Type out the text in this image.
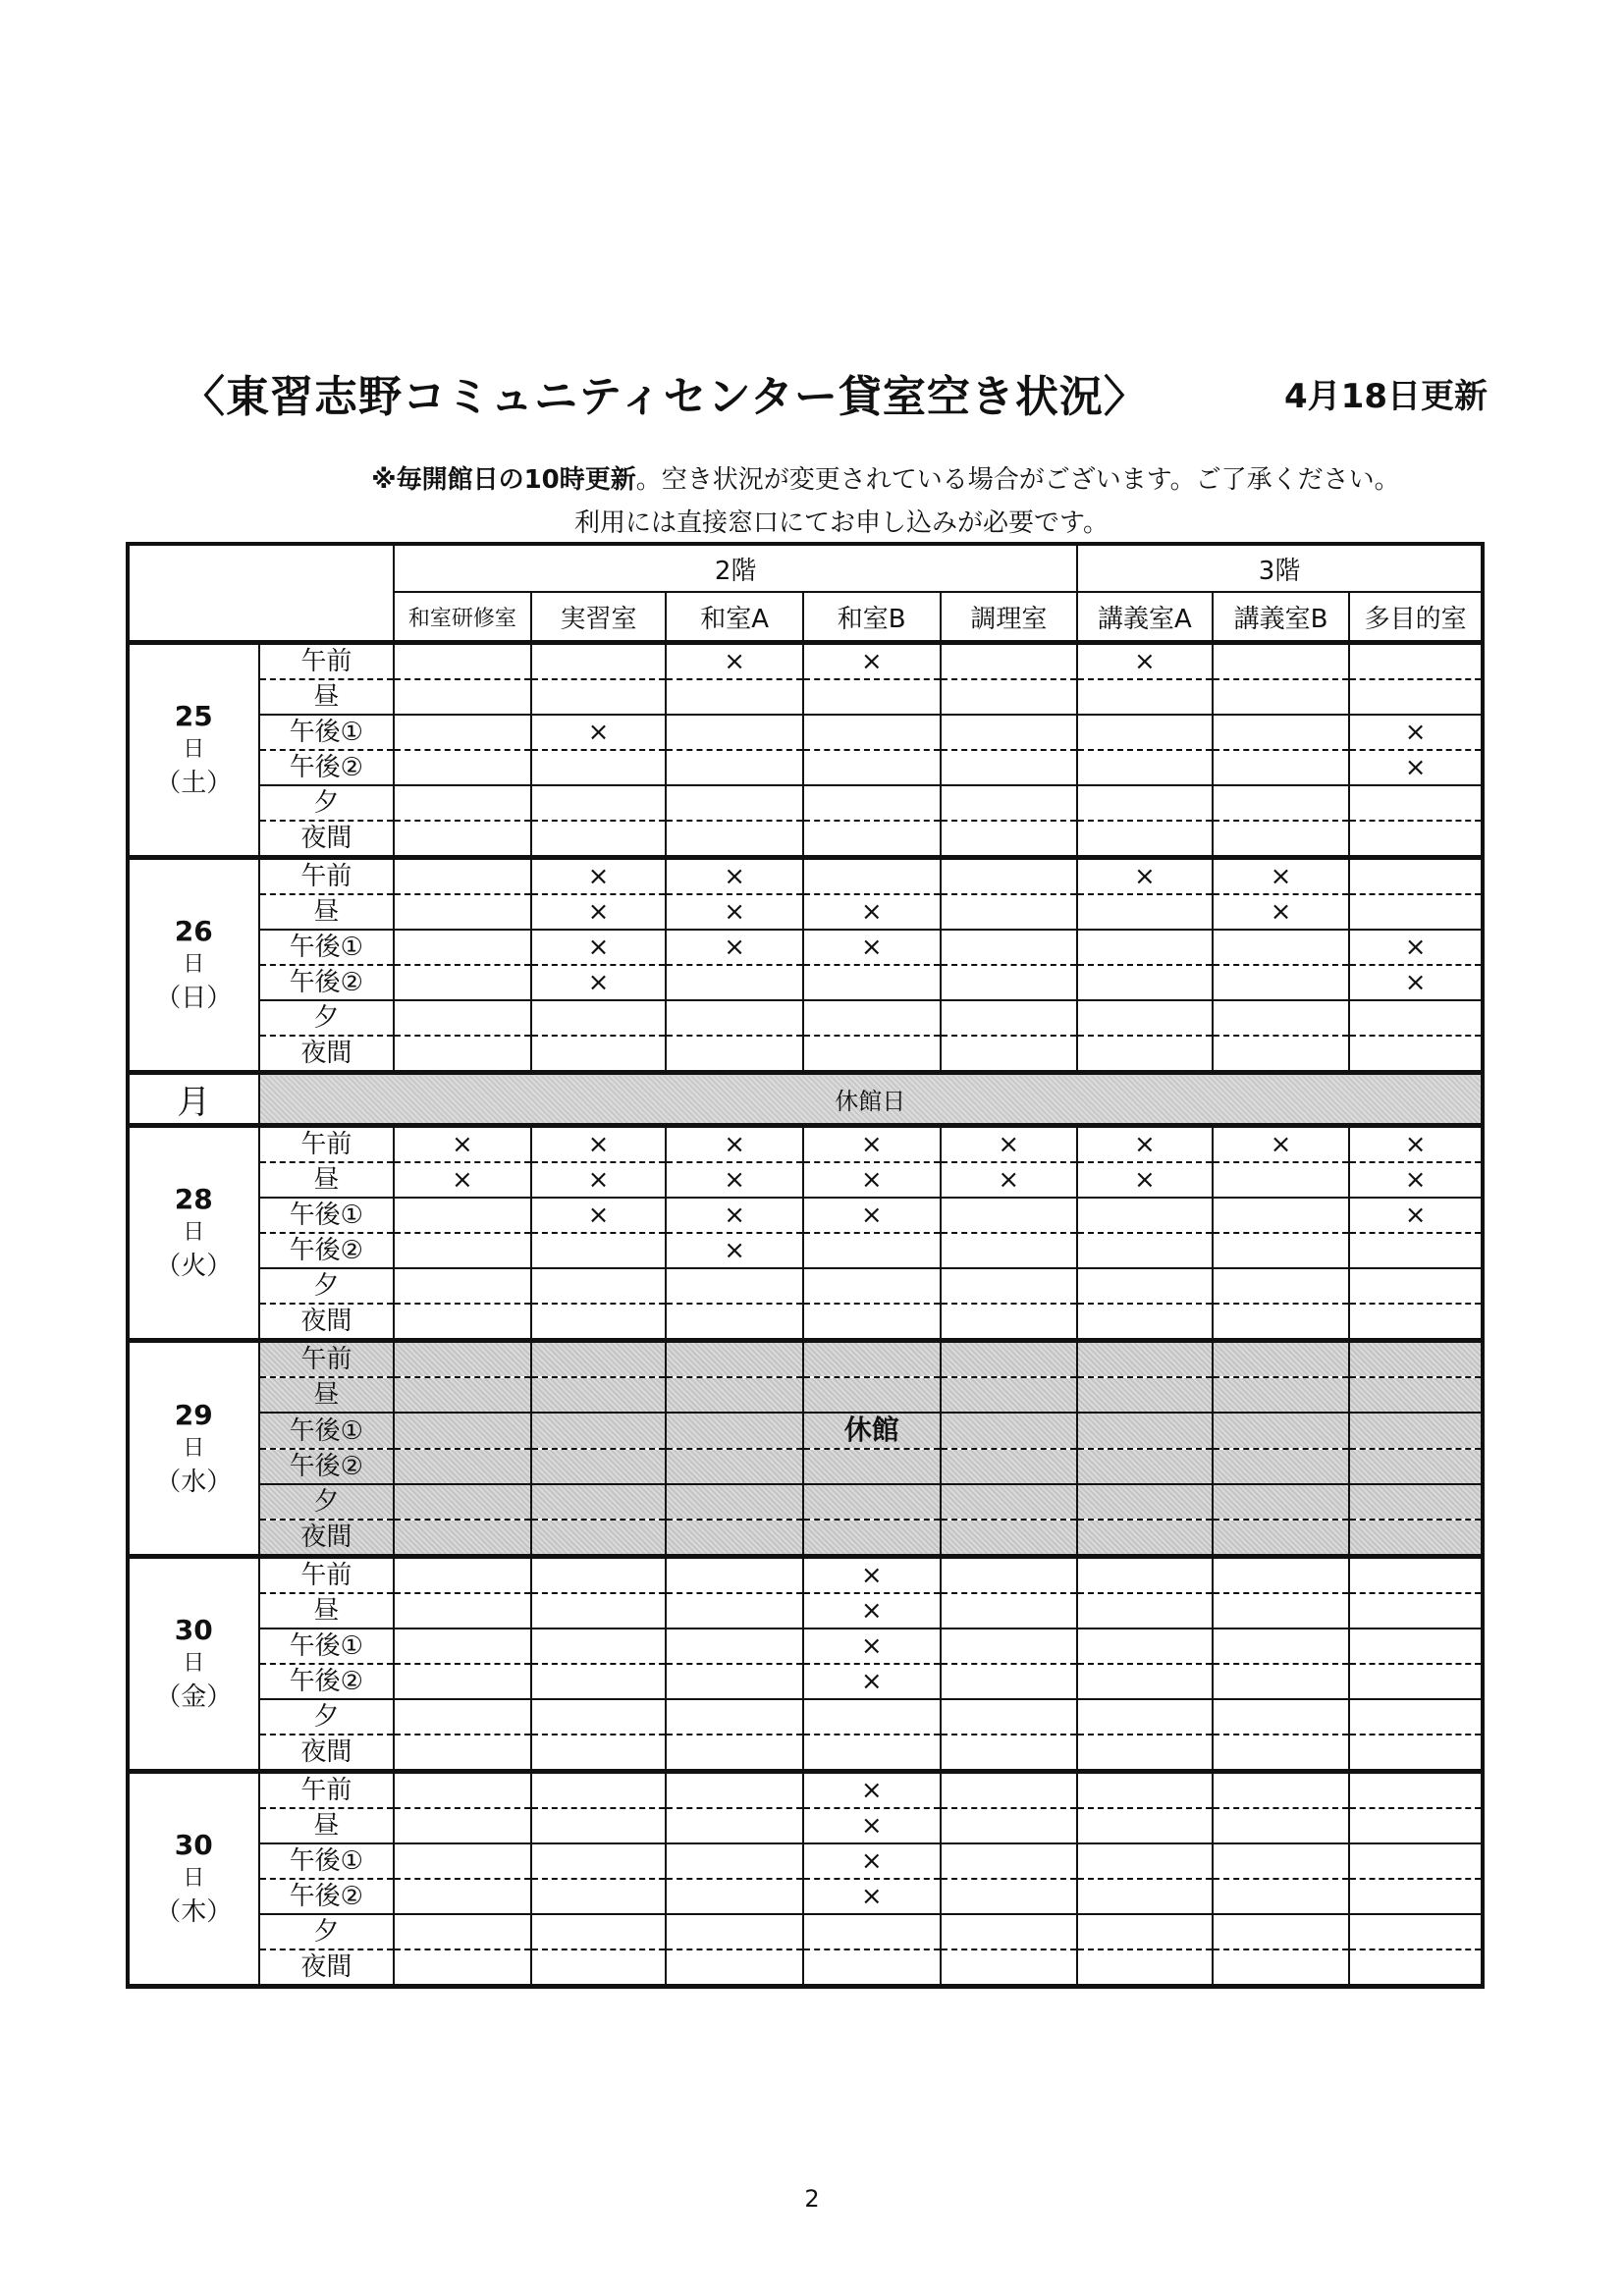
〈東習志野コミュニティセンター貸室空き状況〉	4月18日更新
※毎開館日の10時更新。空き状況が変更されている場合がございます。ご了承ください。
利用には直接窓口にてお申し込みが必要です。
		2階					3階		
		和室研修室	実習室	和室A	和室B	調理室	講義室A	講義室B	多目的室

25
日
（土）	午前			×	×		×		
	昼								
	午後①		×						×
	午後②								×
	夕								
	夜間								

26
日
（日）	午前		×	×			×	×	
	昼		×	×	×			×	
	午後①		×	×	×				×
	午後②		×						×
	夕								
	夜間								
月	休館日								

28
日
（火）	午前	×	×	×	×	×	×	×	×
	昼	×	×	×	×	×	×		×
	午後①		×	×	×				×
	午後②			×					
	夕								
	夜間								

29
日
（水）	午前								
	昼								
	午後①				休館				
	午後②								
	夕								
	夜間								

30
日
（金）	午前				×				
	昼				×				
	午後①				×				
	午後②				×				
	夕								
	夜間								

30
日
（木）	午前				×				
	昼				×				
	午後①				×				
	午後②				×				
	夕								
	夜間								
2
